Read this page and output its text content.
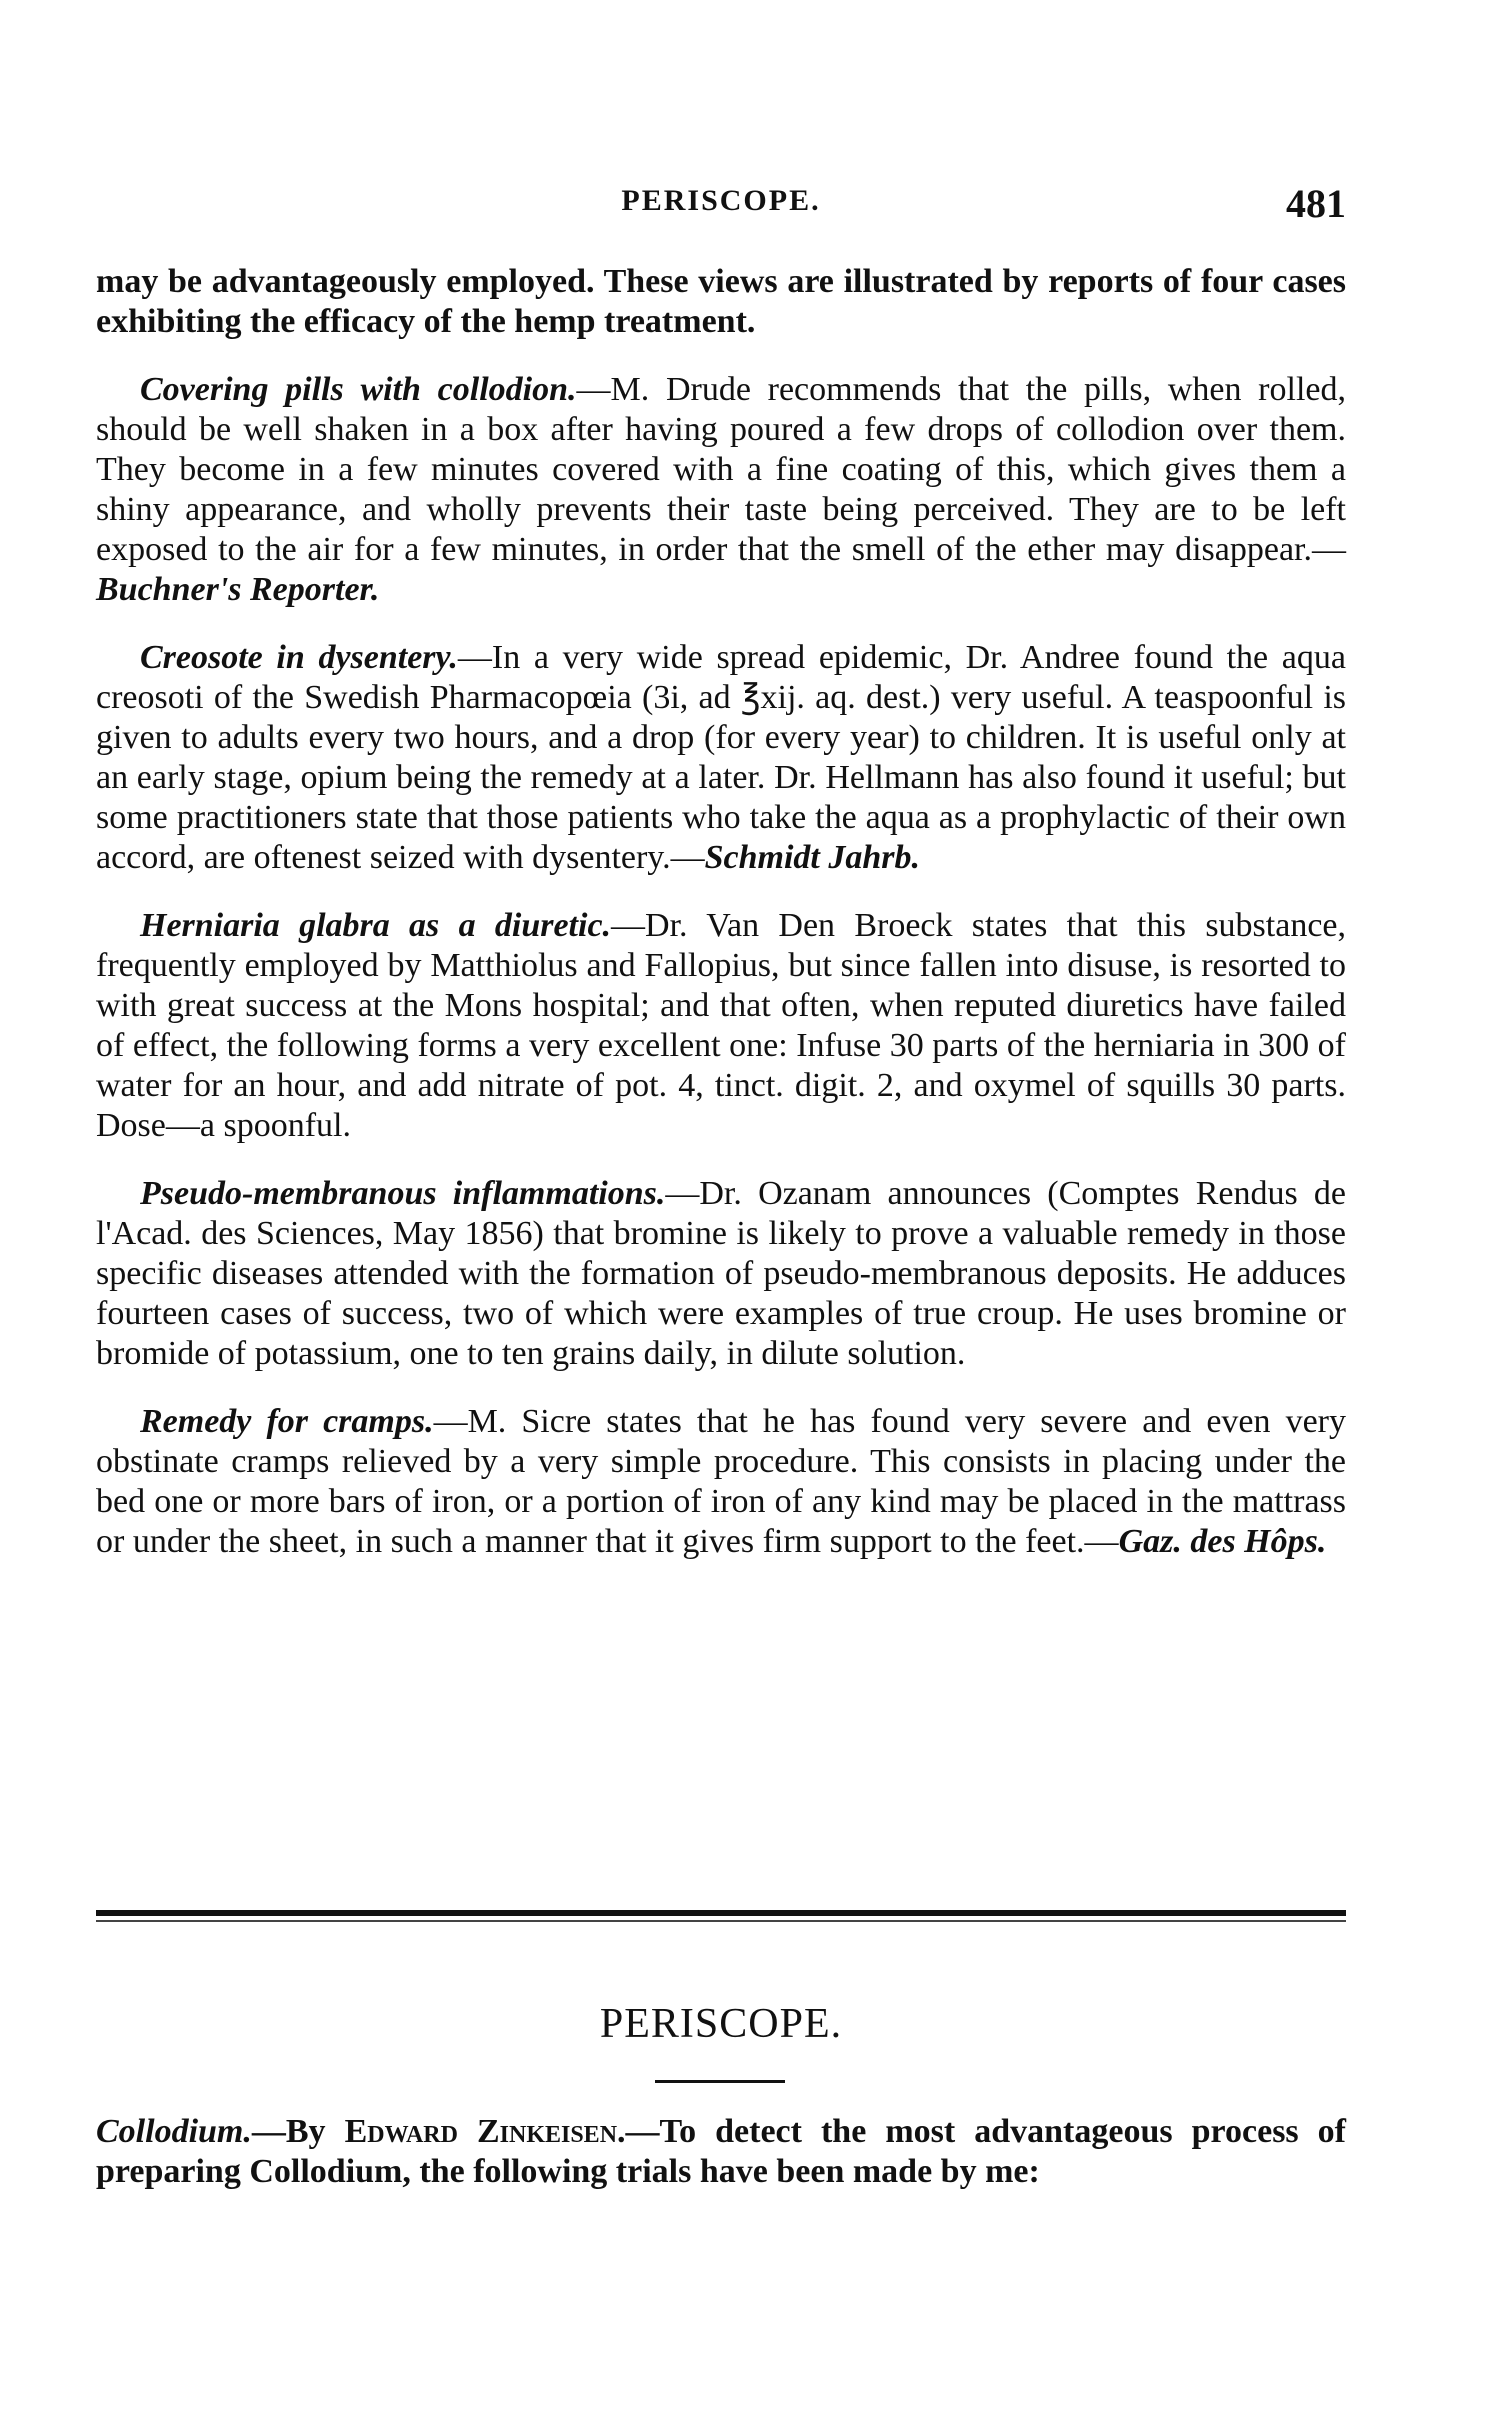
PERISCOPE.	481

may be advantageously employed. These views are illustrated by reports of four cases exhibiting the efficacy of the hemp treatment.

Covering pills with collodion.—M. Drude recommends that the pills, when rolled, should be well shaken in a box after having poured a few drops of collodion over them. They become in a few minutes covered with a fine coating of this, which gives them a shiny appearance, and wholly prevents their taste being perceived. They are to be left exposed to the air for a few minutes, in order that the smell of the ether may disappear.—Buchner's Reporter.

Creosote in dysentery.—In a very wide spread epidemic, Dr. Andree found the aqua creosoti of the Swedish Pharmacopœia (3i, ad ℥xij. aq. dest.) very useful. A teaspoonful is given to adults every two hours, and a drop (for every year) to children. It is useful only at an early stage, opium being the remedy at a later. Dr. Hellmann has also found it useful; but some practitioners state that those patients who take the aqua as a prophylactic of their own accord, are oftenest seized with dysentery.—Schmidt Jahrb.

Herniaria glabra as a diuretic.—Dr. Van Den Broeck states that this substance, frequently employed by Matthiolus and Fallopius, but since fallen into disuse, is resorted to with great success at the Mons hospital; and that often, when reputed diuretics have failed of effect, the following forms a very excellent one: Infuse 30 parts of the herniaria in 300 of water for an hour, and add nitrate of pot. 4, tinct. digit. 2, and oxymel of squills 30 parts. Dose—a spoonful.

Pseudo-membranous inflammations.—Dr. Ozanam announces (Comptes Rendus de l'Acad. des Sciences, May 1856) that bromine is likely to prove a valuable remedy in those specific diseases attended with the formation of pseudo-membranous deposits. He adduces fourteen cases of success, two of which were examples of true croup. He uses bromine or bromide of potassium, one to ten grains daily, in dilute solution.

Remedy for cramps.—M. Sicre states that he has found very severe and even very obstinate cramps relieved by a very simple procedure. This consists in placing under the bed one or more bars of iron, or a portion of iron of any kind may be placed in the mattrass or under the sheet, in such a manner that it gives firm support to the feet.—Gaz. des Hôps.

PERISCOPE.

Collodium.—By Edward Zinkeisen.—To detect the most advantageous process of preparing Collodium, the following trials have been made by me:
